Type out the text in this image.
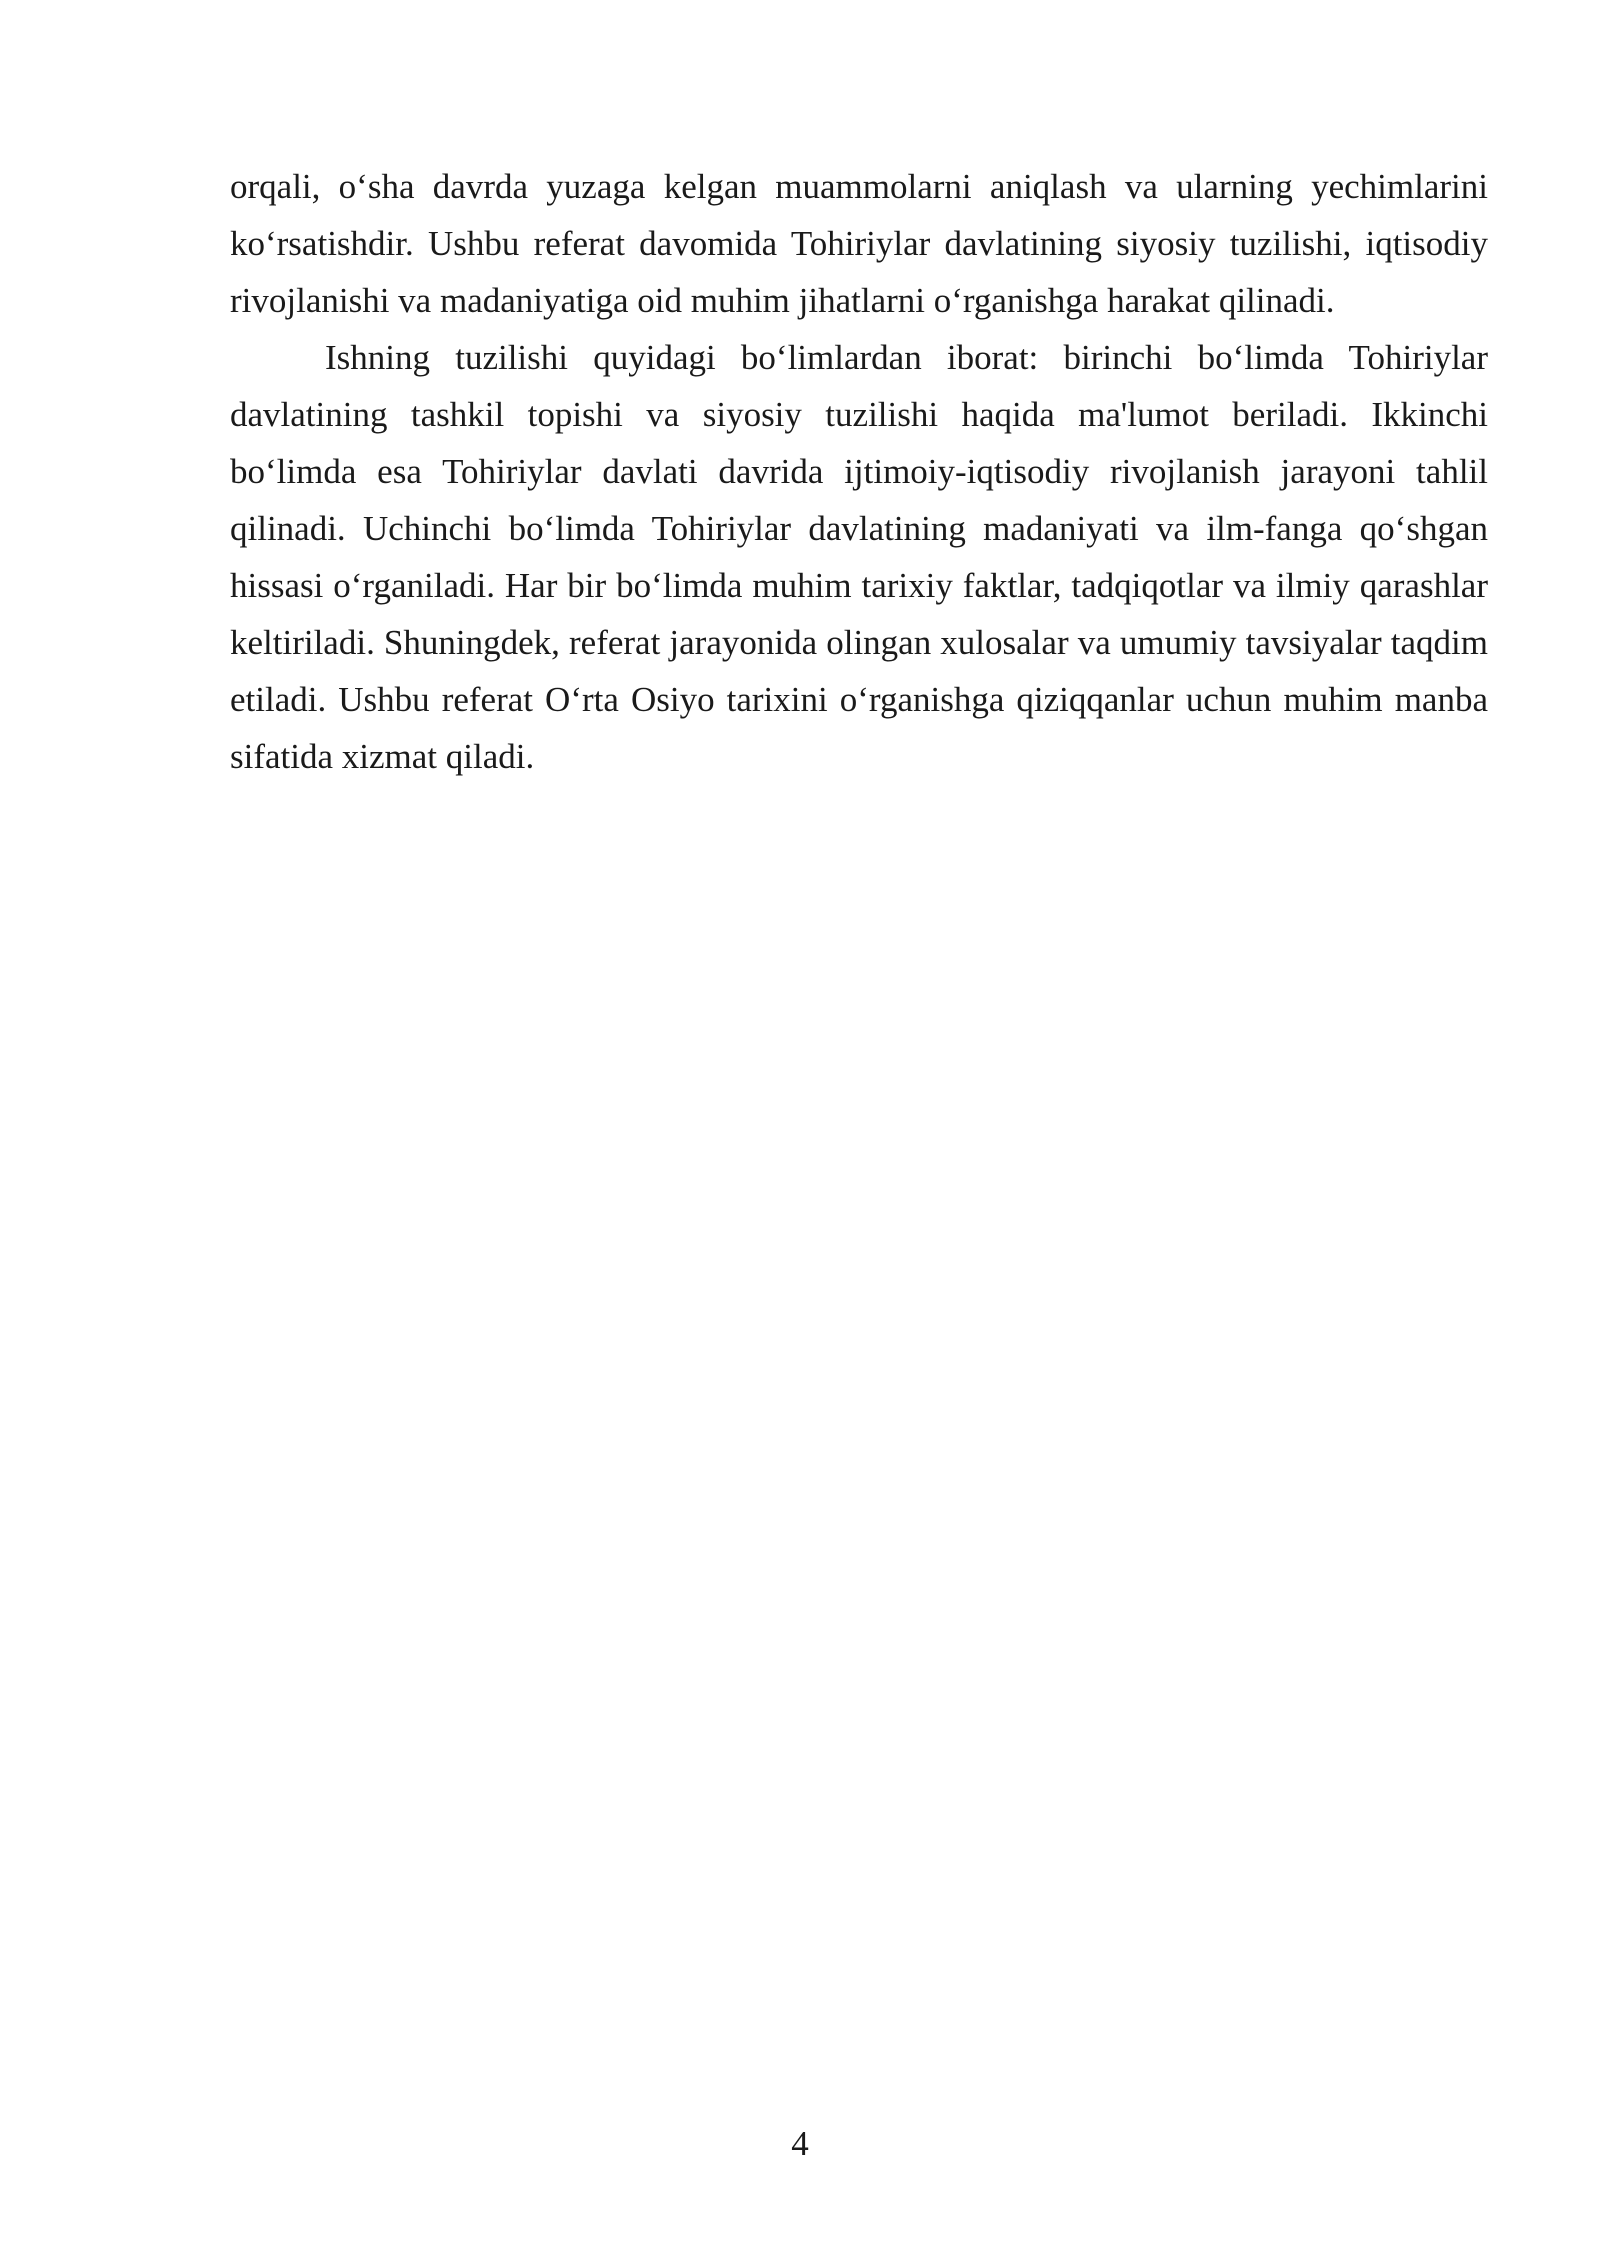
orqali, o‘sha davrda yuzaga kelgan muammolarni aniqlash va ularning yechimlarini ko‘rsatishdir. Ushbu referat davomida Tohiriylar davlatining siyosiy tuzilishi, iqtisodiy rivojlanishi va madaniyatiga oid muhim jihatlarni o‘rganishga harakat qilinadi.

Ishning tuzilishi quyidagi bo‘limlardan iborat: birinchi bo‘limda Tohiriylar davlatining tashkil topishi va siyosiy tuzilishi haqida ma'lumot beriladi. Ikkinchi bo‘limda esa Tohiriylar davlati davrida ijtimoiy-iqtisodiy rivojlanish jarayoni tahlil qilinadi. Uchinchi bo‘limda Tohiriylar davlatining madaniyati va ilm-fanga qo‘shgan hissasi o‘rganiladi. Har bir bo‘limda muhim tarixiy faktlar, tadqiqotlar va ilmiy qarashlar keltiriladi. Shuningdek, referat jarayonida olingan xulosalar va umumiy tavsiyalar taqdim etiladi. Ushbu referat O‘rta Osiyo tarixini o‘rganishga qiziqqanlar uchun muhim manba sifatida xizmat qiladi.

4
